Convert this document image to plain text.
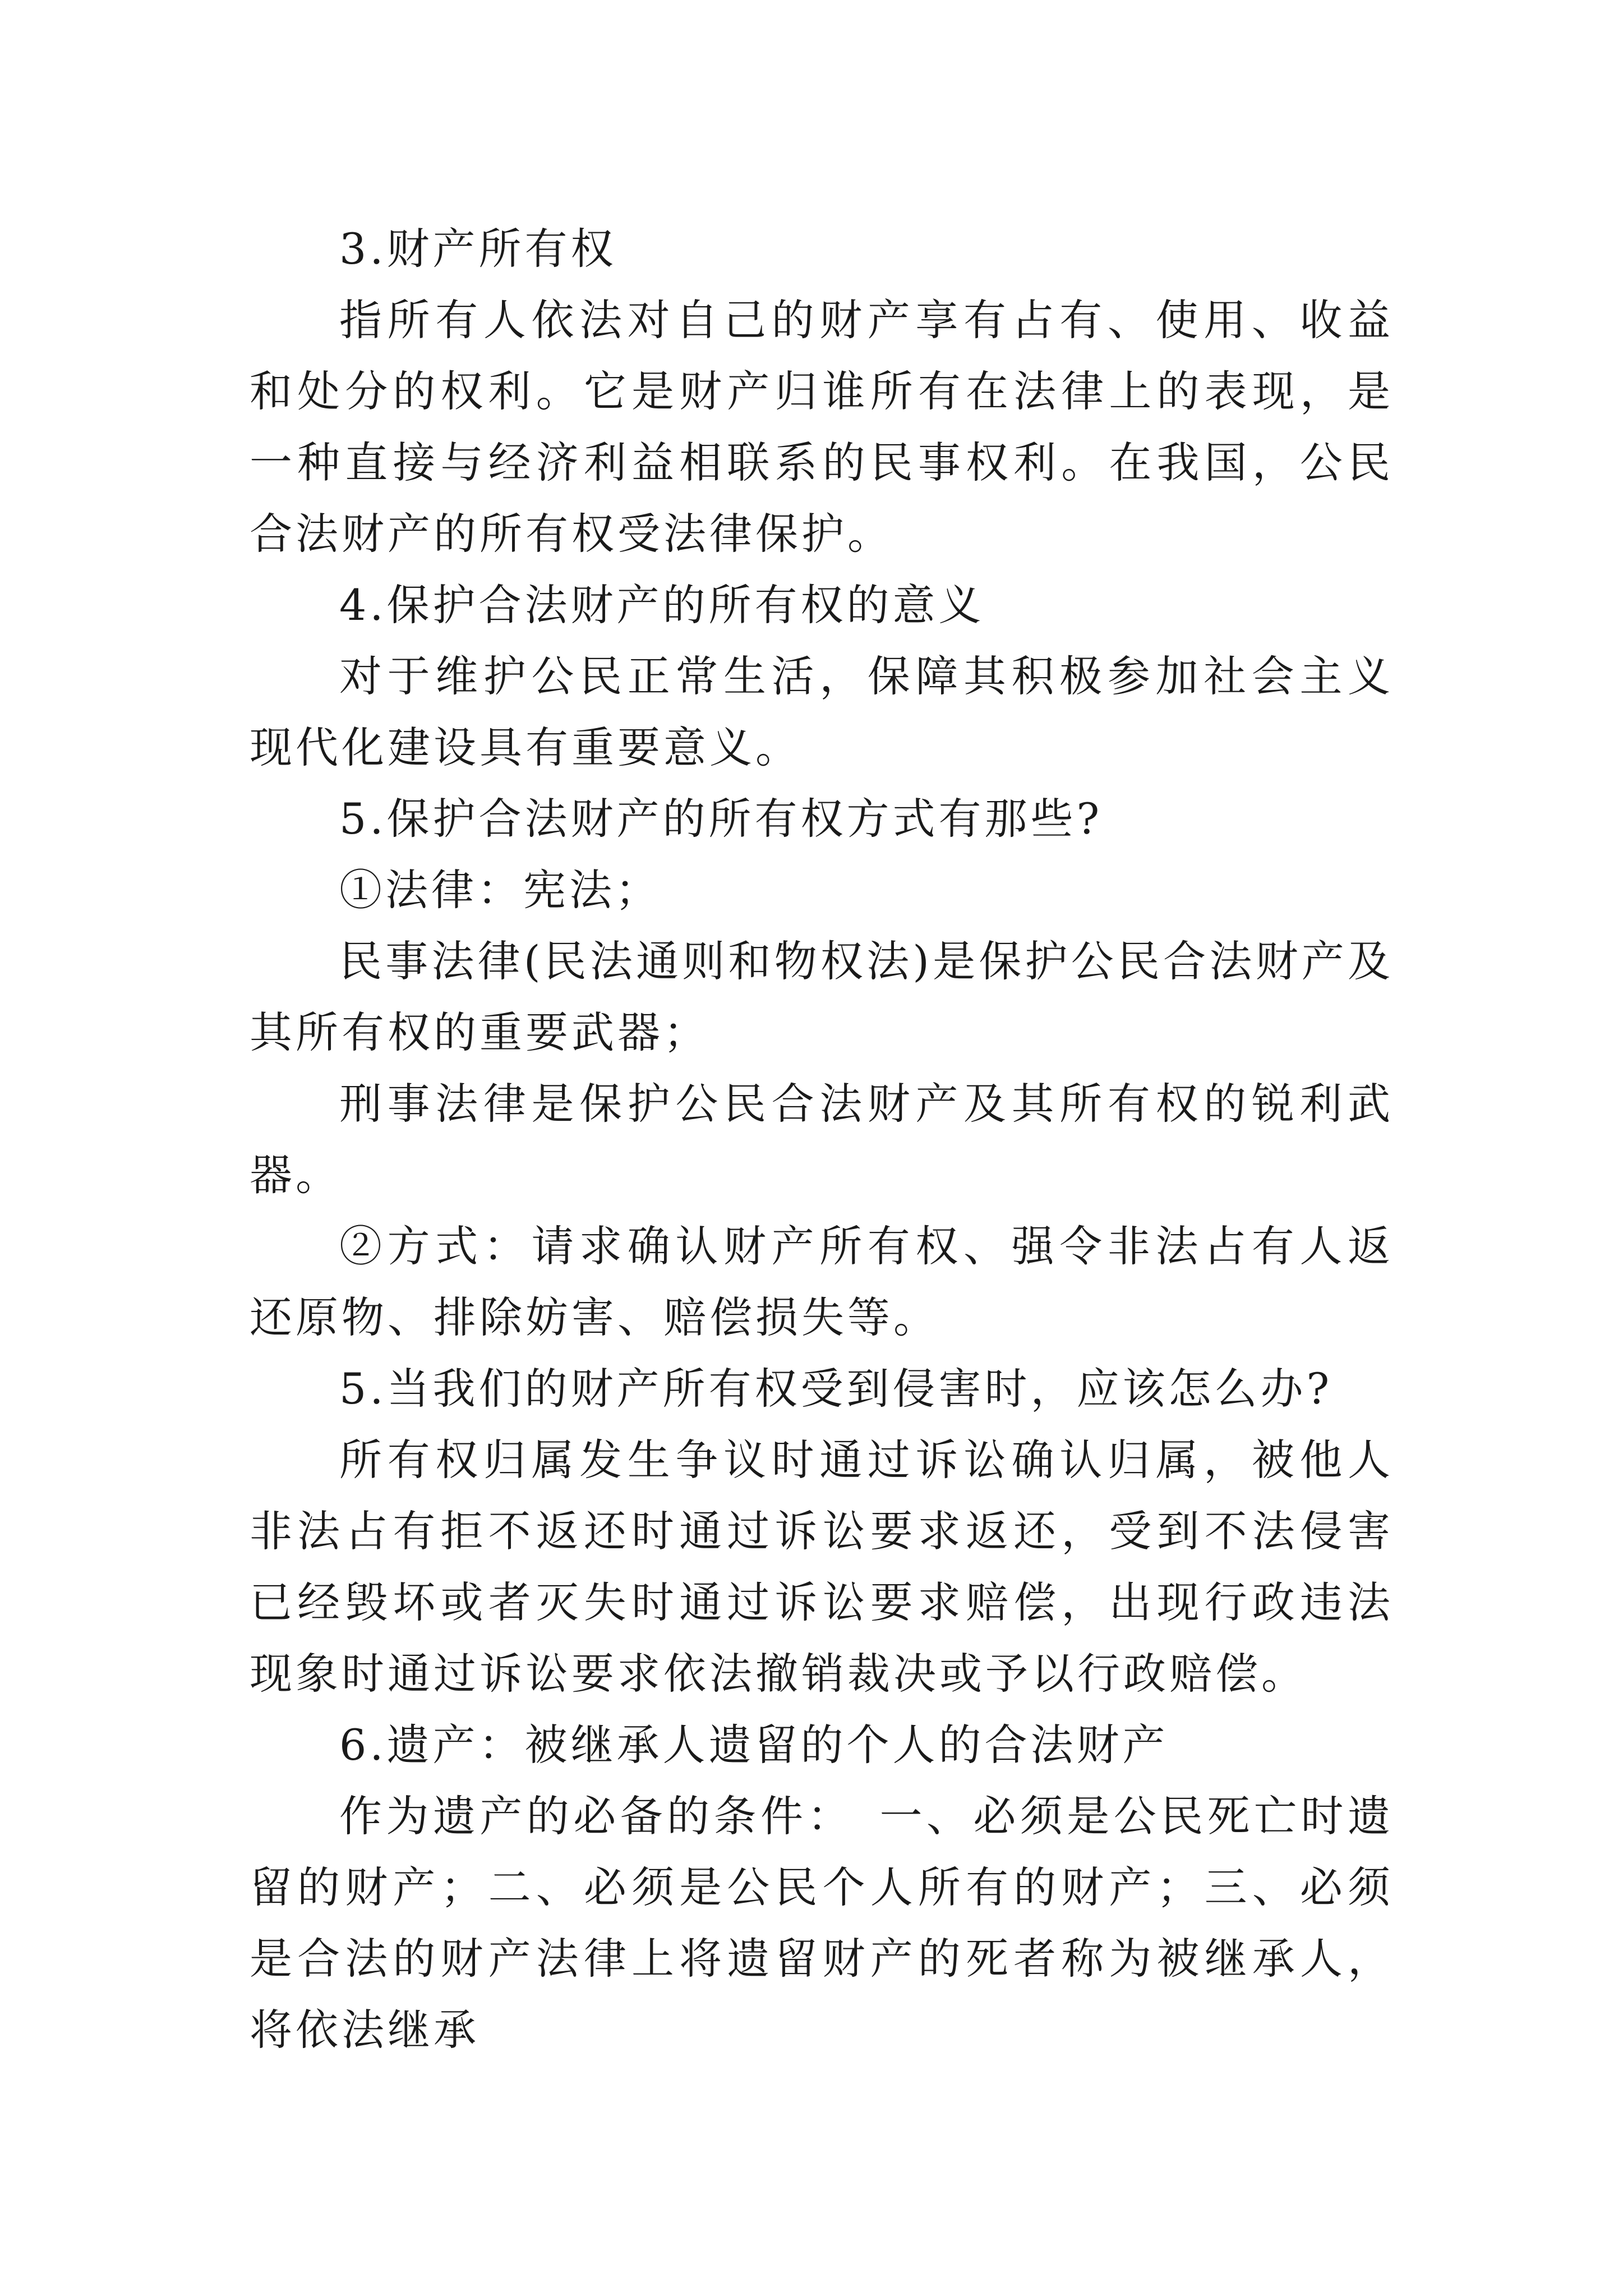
3.财产所有权

指所有人依法对自己的财产享有占有、使用、收益和处分的权利。它是财产归谁所有在法律上的表现，是一种直接与经济利益相联系的民事权利。在我国，公民合法财产的所有权受法律保护。

4.保护合法财产的所有权的意义

对于维护公民正常生活，保障其积极参加社会主义现代化建设具有重要意义。

5.保护合法财产的所有权方式有那些?

①法律：宪法；

民事法律(民法通则和物权法)是保护公民合法财产及其所有权的重要武器；

刑事法律是保护公民合法财产及其所有权的锐利武器。

②方式：请求确认财产所有权、强令非法占有人返还原物、排除妨害、赔偿损失等。

5.当我们的财产所有权受到侵害时，应该怎么办?

所有权归属发生争议时通过诉讼确认归属，被他人非法占有拒不返还时通过诉讼要求返还，受到不法侵害已经毁坏或者灭失时通过诉讼要求赔偿，出现行政违法现象时通过诉讼要求依法撤销裁决或予以行政赔偿。

6.遗产：被继承人遗留的个人的合法财产

作为遗产的必备的条件：　一、必须是公民死亡时遗留的财产；二、必须是公民个人所有的财产；三、必须是合法的财产法律上将遗留财产的死者称为被继承人，将依法继承
